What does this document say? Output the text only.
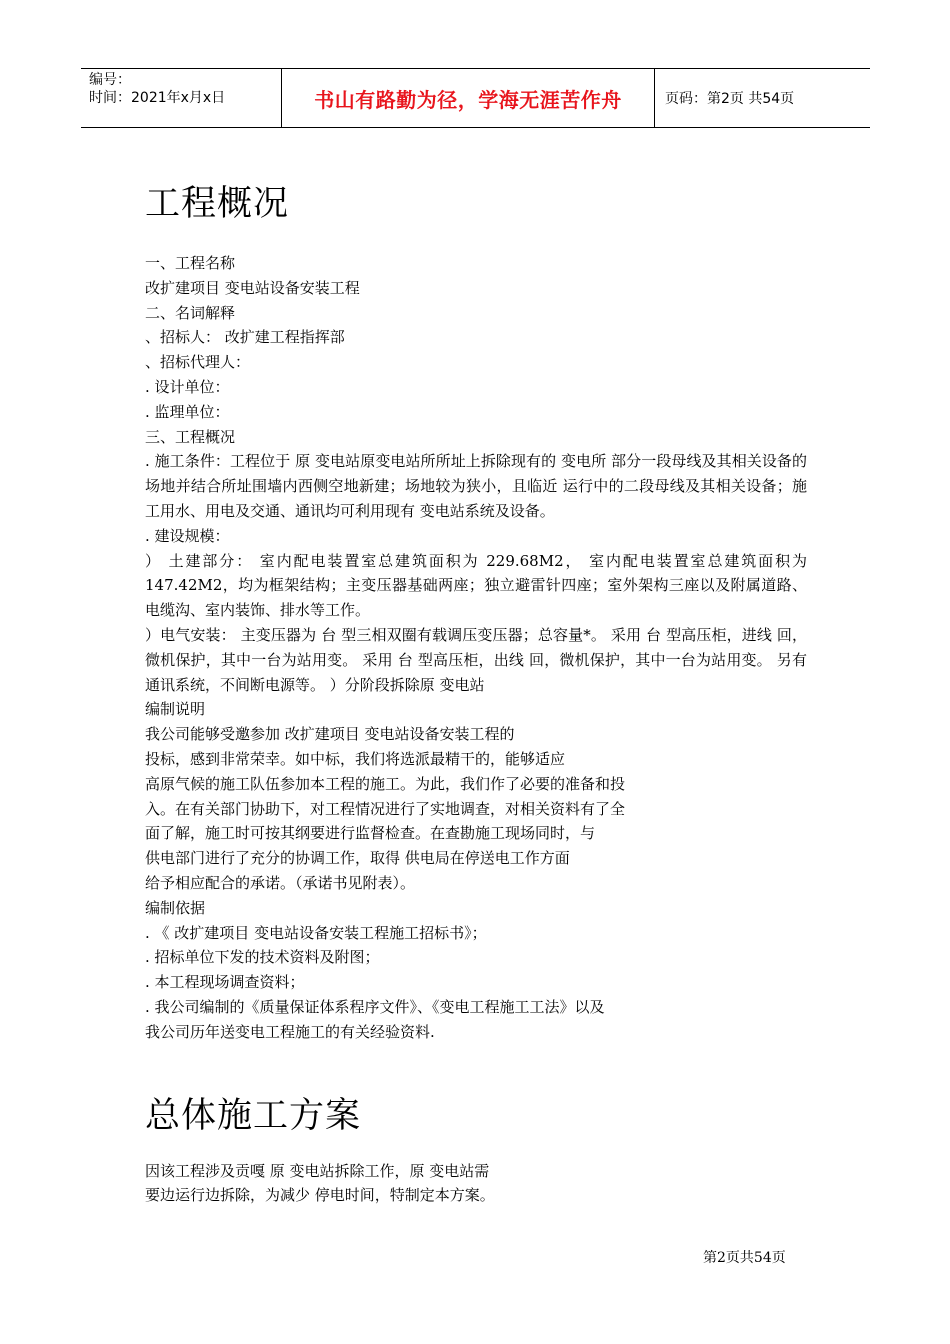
编号：
时间：2021年x月x日	书山有路勤为径，学海无涯苦作舟	页码：第2页 共54页
工程概况

一、工程名称

改扩建项目 变电站设备安装工程

二、名词解释

、招标人： 改扩建工程指挥部

、招标代理人：

. 设计单位：

. 监理单位：

三、工程概况

. 施工条件：工程位于 原 变电站原变电站所所址上拆除现有的 变电所 部分一段母线及其相关设备的场地并结合所址围墙内西侧空地新建；场地较为狭小，且临近 运行中的二段母线及其相关设备；施工用水、用电及交通、通讯均可利用现有 变电站系统及设备。

. 建设规模：

） 土建部分： 室内配电装置室总建筑面积为 229.68M2， 室内配电装置室总建筑面积为147.42M2，均为框架结构；主变压器基础两座；独立避雷针四座；室外架构三座以及附属道路、电缆沟、室内装饰、排水等工作。

）电气安装： 主变压器为 台 型三相双圈有载调压变压器；总容量*。 采用 台 型高压柜，进线 回，微机保护，其中一台为站用变。 采用 台 型高压柜，出线 回，微机保护，其中一台为站用变。 另有通讯系统，不间断电源等。 ）分阶段拆除原 变电站

编制说明

我公司能够受邀参加 改扩建项目 变电站设备安装工程的

投标，感到非常荣幸。如中标，我们将选派最精干的，能够适应

高原气候的施工队伍参加本工程的施工。为此，我们作了必要的准备和投

入。在有关部门协助下，对工程情况进行了实地调查，对相关资料有了全

面了解，施工时可按其纲要进行监督检查。在查勘施工现场同时，与

供电部门进行了充分的协调工作，取得 供电局在停送电工作方面

给予相应配合的承诺。（承诺书见附表）。

编制依据

. 《 改扩建项目 变电站设备安装工程施工招标书》；

. 招标单位下发的技术资料及附图；

. 本工程现场调查资料；

. 我公司编制的《质量保证体系程序文件》、《变电工程施工工法》以及

我公司历年送变电工程施工的有关经验资料.

总体施工方案

因该工程涉及贡嘎 原 变电站拆除工作，原 变电站需

要边运行边拆除，为减少 停电时间，特制定本方案。

第2页共54页
